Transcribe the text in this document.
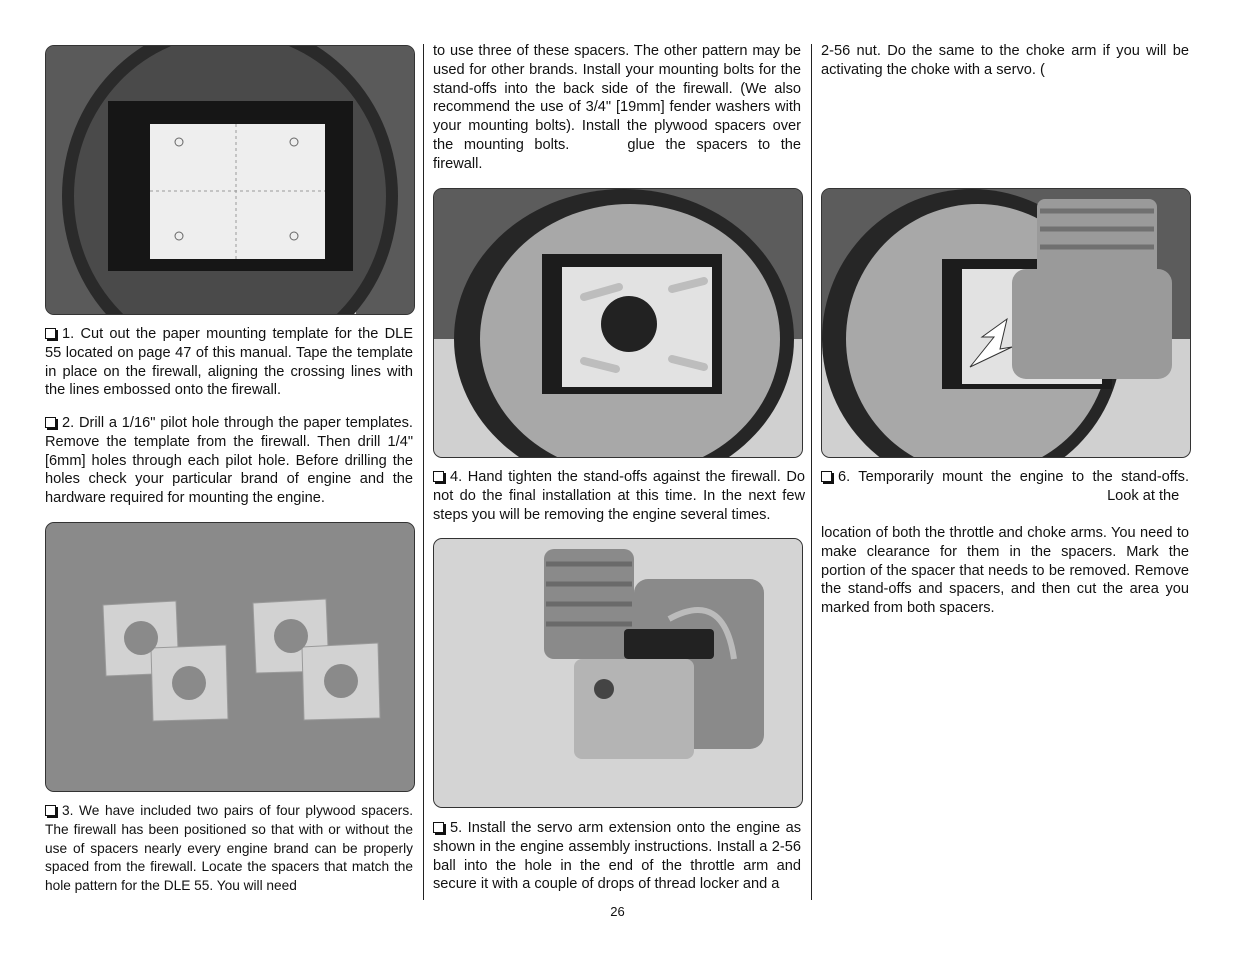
1. Cut out the paper mounting template for the DLE 55 located on page 47 of this manual. Tape the template in place on the firewall, aligning the crossing lines with the lines embossed onto the firewall.

2. Drill a 1/16" pilot hole through the paper templates. Remove the template from the firewall. Then drill 1/4" [6mm] holes through each pilot hole. Before drilling the holes check your particular brand of engine and the hardware required for mounting the engine.

3. We have included two pairs of four plywood spacers. The firewall has been positioned so that with or without the use of spacers nearly every engine brand can be properly spaced from the firewall. Locate the spacers that match the hole pattern for the DLE 55. You will need

to use three of these spacers. The other pattern may be used for other brands. Install your mounting bolts for the stand-offs into the back side of the firewall. (We also recommend the use of 3/4" [19mm] fender washers with your mounting bolts). Install the plywood spacers over the mounting bolts.	glue the spacers to the firewall.

4. Hand tighten the stand-offs against the firewall. Do not do the final installation at this time. In the next few steps you will be removing the engine several times.

5. Install the servo arm extension onto the engine as shown in the engine assembly instructions. Install a 2-56 ball into the hole in the end of the throttle arm and secure it with a couple of drops of thread locker and a

2-56 nut. Do the same to the choke arm if you will be activating the choke with a servo. (

6. Temporarily mount the engine to the stand-offs. Look at the

location of both the throttle and choke arms. You need to make clearance for them in the spacers. Mark the portion of the spacer that needs to be removed. Remove the stand-offs and spacers, and then cut the area you marked from both spacers.

26
